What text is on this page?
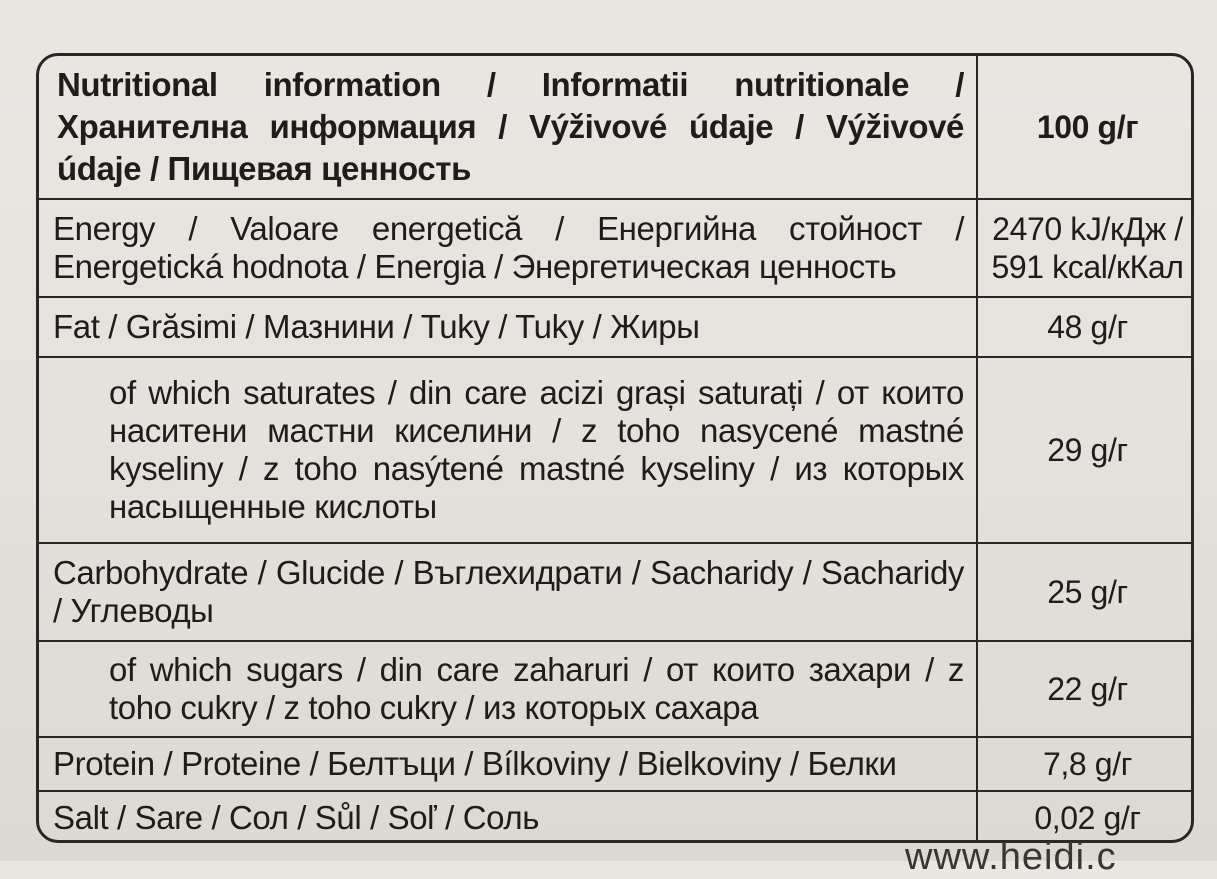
Nutritional information / Informatii nutritionale / Хранителна информация / Výživové údaje / Výživové údaje / Пищевая ценность	100 g/г
Energy / Valoare energetică / Енергийна стойност / Energetická hodnota / Energia / Энергетическая ценность	2470 kJ/кДж /
591 kcal/кКал

Fat / Grăsimi / Мазнини / Tuky / Tuky / Жиры	48 g/г

of which saturates / din care acizi grași saturați / от които наситени мастни киселини / z toho nasycené mastné kyseliny / z toho nasýtené mastné kyseliny / из которых насыщенные кислоты	29 g/г

Carbohydrate / Glucide / Въглехидрати / Sacharidy / Sacharidy / Углеводы	25 g/г

of which sugars / din care zaharuri / от които захари / z toho cukry / z toho cukry / из которых сахара	22 g/г

Protein / Proteine / Белтъци / Bílkoviny / Bielkoviny / Белки	7,8 g/г

Salt / Sare / Сол / Sůl / Soľ / Соль	0,02 g/г
www.heidi.c
